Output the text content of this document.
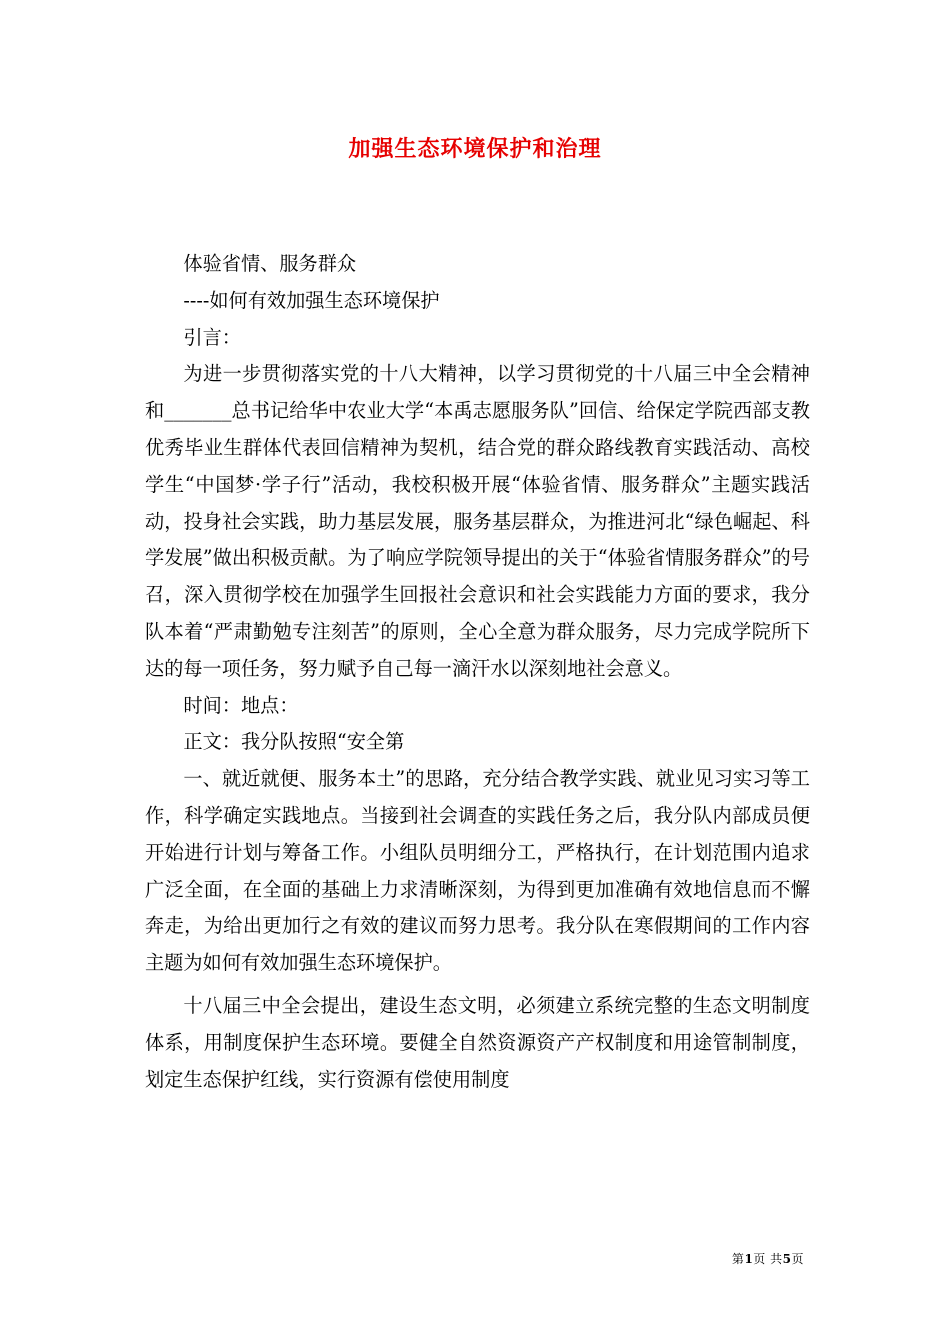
加强生态环境保护和治理

体验省情、服务群众

----如何有效加强生态环境保护

引言：

为进一步贯彻落实党的十八大精神，以学习贯彻党的十八届三中全会精神和_______总书记给华中农业大学“本禹志愿服务队”回信、给保定学院西部支教优秀毕业生群体代表回信精神为契机，结合党的群众路线教育实践活动、高校学生“中国梦·学子行”活动，我校积极开展“体验省情、服务群众”主题实践活动，投身社会实践，助力基层发展，服务基层群众，为推进河北“绿色崛起、科学发展”做出积极贡献。为了响应学院领导提出的关于“体验省情服务群众”的号召，深入贯彻学校在加强学生回报社会意识和社会实践能力方面的要求，我分队本着“严肃勤勉专注刻苦”的原则，全心全意为群众服务，尽力完成学院所下达的每一项任务，努力赋予自己每一滴汗水以深刻地社会意义。

时间：地点：

正文：我分队按照“安全第

一、就近就便、服务本土”的思路，充分结合教学实践、就业见习实习等工作，科学确定实践地点。当接到社会调查的实践任务之后，我分队内部成员便开始进行计划与筹备工作。小组队员明细分工，严格执行，在计划范围内追求广泛全面，在全面的基础上力求清晰深刻，为得到更加准确有效地信息而不懈奔走，为给出更加行之有效的建议而努力思考。我分队在寒假期间的工作内容主题为如何有效加强生态环境保护。

十八届三中全会提出，建设生态文明，必须建立系统完整的生态文明制度体系，用制度保护生态环境。要健全自然资源资产产权制度和用途管制制度，划定生态保护红线，实行资源有偿使用制度

第1页 共5页
